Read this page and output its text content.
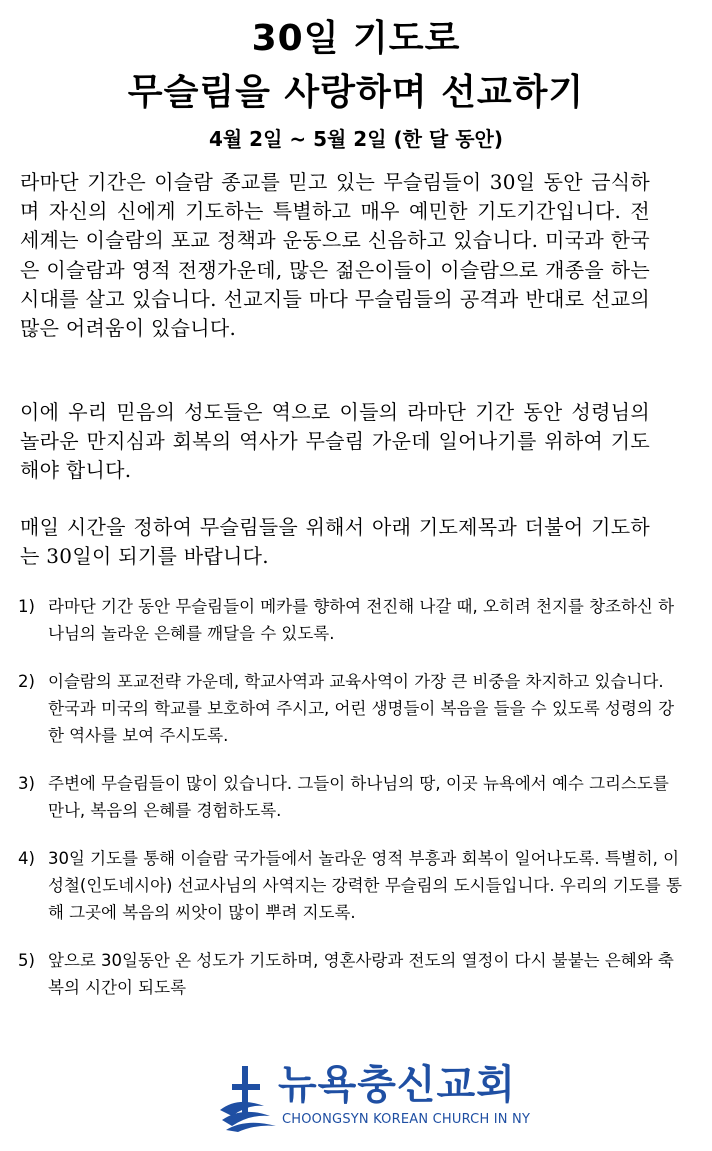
30일 기도로
무슬림을 사랑하며 선교하기
4월 2일 ~ 5월 2일 (한 달 동안)
라마단 기간은 이슬람 종교를 믿고 있는 무슬림들이 30일 동안 금식하며 자신의 신에게 기도하는 특별하고 매우 예민한 기도기간입니다. 전 세계는 이슬람의 포교 정책과 운동으로 신음하고 있습니다. 미국과 한국은 이슬람과 영적 전쟁가운데, 많은 젊은이들이 이슬람으로 개종을 하는 시대를 살고 있습니다. 선교지들 마다 무슬림들의 공격과 반대로 선교의 많은 어려움이 있습니다.
이에 우리 믿음의 성도들은 역으로 이들의 라마단 기간 동안 성령님의 놀라운 만지심과 회복의 역사가 무슬림 가운데 일어나기를 위하여 기도해야 합니다.
매일 시간을 정하여 무슬림들을 위해서 아래 기도제목과 더불어 기도하는 30일이 되기를 바랍니다.
1) 라마단 기간 동안 무슬림들이 메카를 향하여 전진해 나갈 때, 오히려 천지를 창조하신 하나님의 놀라운 은혜를 깨달을 수 있도록.
2) 이슬람의 포교전략 가운데, 학교사역과 교육사역이 가장 큰 비중을 차지하고 있습니다. 한국과 미국의 학교를 보호하여 주시고, 어린 생명들이 복음을 들을 수 있도록 성령의 강한 역사를 보여 주시도록.
3) 주변에 무슬림들이 많이 있습니다. 그들이 하나님의 땅, 이곳 뉴욕에서 예수 그리스도를 만나, 복음의 은혜를 경험하도록.
4) 30일 기도를 통해 이슬람 국가들에서 놀라운 영적 부흥과 회복이 일어나도록. 특별히, 이성철(인도네시아) 선교사님의 사역지는 강력한 무슬림의 도시들입니다. 우리의 기도를 통해 그곳에 복음의 씨앗이 많이 뿌려 지도록.
5) 앞으로 30일동안 온 성도가 기도하며, 영혼사랑과 전도의 열정이 다시 불붙는 은혜와 축복의 시간이 되도록
뉴욕충신교회
CHOONGSYN KOREAN CHURCH IN NY
